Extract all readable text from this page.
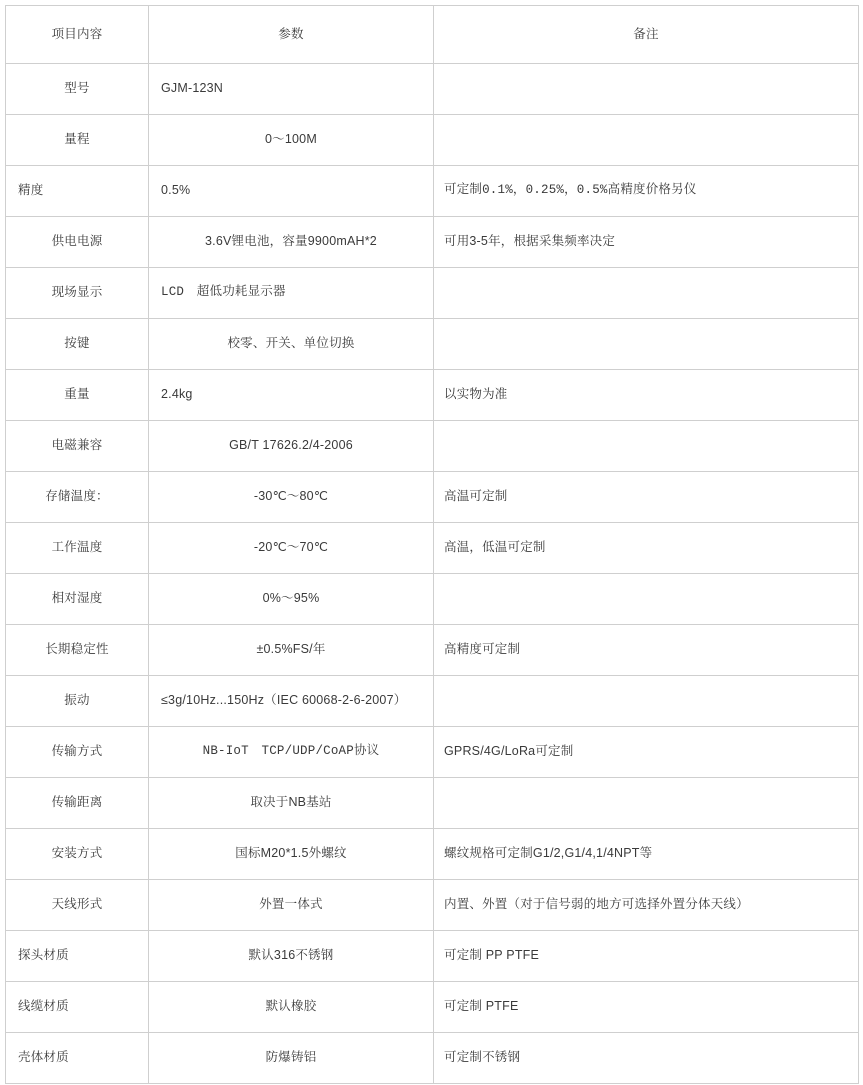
项目内容	参数	备注
型号	GJM-123N	
量程	0～100M	
精度	0.5%	可定制0.1%，0.25%，0.5%高精度价格另仪
供电电源	3.6V锂电池，容量9900mAH*2	可用3-5年，根据采集频率决定
现场显示	LCD　超低功耗显示器	
按键	校零、开关、单位切换	
重量	2.4kg	以实物为准
电磁兼容	GB/T 17626.2/4-2006	
存储温度：	-30℃～80℃	高温可定制
工作温度	-20℃～70℃	高温，低温可定制
相对湿度	0%～95%	
长期稳定性	±0.5%FS/年	高精度可定制
振动	≤3g/10Hz...150Hz（IEC 60068-2-6-2007）	
传输方式	NB-IoT　TCP/UDP/CoAP协议	GPRS/4G/LoRa可定制
传输距离	取决于NB基站	
安装方式	国标M20*1.5外螺纹	螺纹规格可定制G1/2,G1/4,1/4NPT等
天线形式	外置一体式	内置、外置（对于信号弱的地方可选择外置分体天线）
探头材质	默认316不锈钢	可定制 PP PTFE
线缆材质	默认橡胶	可定制 PTFE
壳体材质	防爆铸铝	可定制不锈钢
